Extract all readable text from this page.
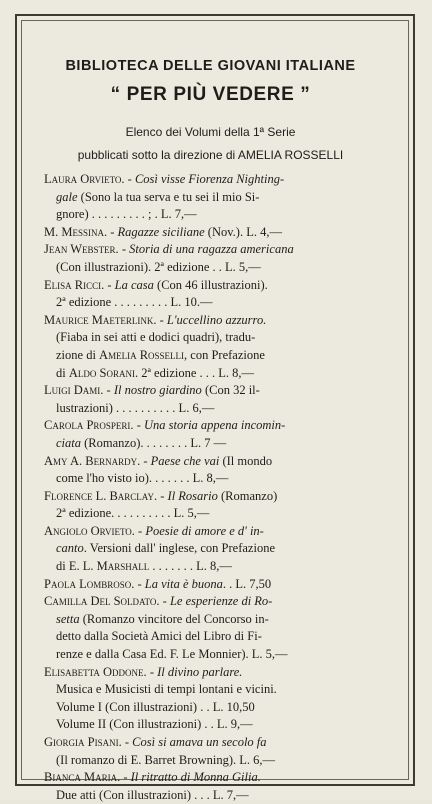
BIBLIOTECA DELLE GIOVANI ITALIANE
“ PER PIÙ VEDERE ”
Elenco dei Volumi della 1ª Serie
pubblicati sotto la direzione di AMELIA ROSSELLI
Laura Orvieto. - Così visse Fiorenza Nighting-
gale (Sono la tua serva e tu sei il mio Si-
gnore) . . . . . . . . . ; . L. 7,—
M. Messina. - Ragazze siciliane (Nov.). L. 4,—
Jean Webster. - Storia di una ragazza americana
(Con illustrazioni). 2ª edizione . . L. 5,—
Elisa Ricci. - La casa (Con 46 illustrazioni).
2ª edizione . . . . . . . . . L. 10.—
Maurice Maeterlink. - L'uccellino azzurro.
(Fiaba in sei atti e dodici quadri), tradu-
zione di Amelia Rosselli, con Prefazione
di Aldo Sorani. 2ª edizione . . . L. 8,—
Luigi Dami. - Il nostro giardino (Con 32 il-
lustrazioni) . . . . . . . . . . L. 6,—
Carola Prosperi. - Una storia appena incomin-
ciata (Romanzo). . . . . . . . L. 7 —
Amy A. Bernardy. - Paese che vai (Il mondo
come l'ho visto io). . . . . . . L. 8,—
Florence L. Barclay. - Il Rosario (Romanzo)
2ª edizione. . . . . . . . . . L. 5,—
Angiolo Orvieto. - Poesie di amore e d' in-
canto. Versioni dall' inglese, con Prefazione
di E. L. Marshall . . . . . . . L. 8,—
Paola Lombroso. - La vita è buona. . L. 7,50
Camilla Del Soldato. - Le esperienze di Ro-
setta (Romanzo vincitore del Concorso in-
detto dalla Società Amici del Libro di Fi-
renze e dalla Casa Ed. F. Le Monnier). L. 5,—
Elisabetta Oddone. - Il divino parlare.
Musica e Musicisti di tempi lontani e vicini.
Volume I (Con illustrazioni) . . L. 10,50
Volume II (Con illustrazioni) . . L. 9,—
Giorgia Pisani. - Così si amava un secolo fa
(Il romanzo di E. Barret Browning). L. 6,—
Bianca Maria. - Il ritratto di Monna Gilia.
Due atti (Con illustrazioni) . . . L. 7,—
